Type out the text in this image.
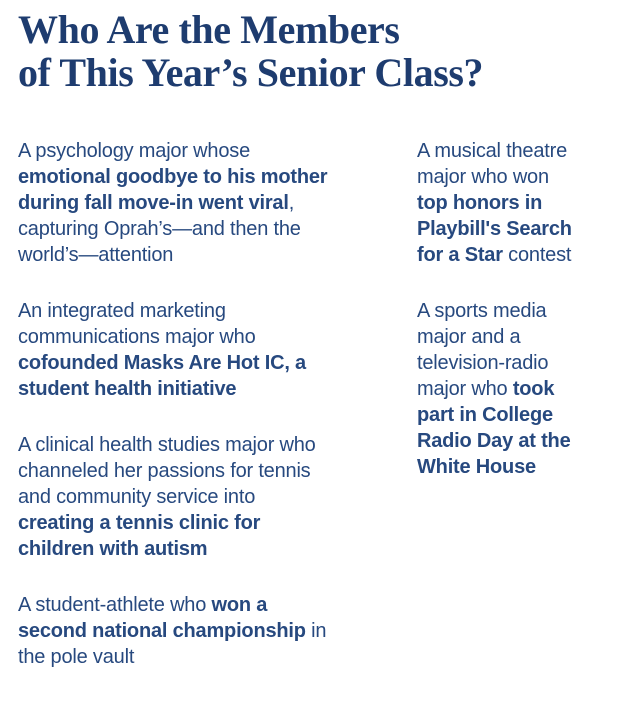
Who Are the Members
of This Year’s Senior Class?

A psychology major whose
emotional goodbye to his mother
during fall move-in went viral,
capturing Oprah’s—and then the
world’s—attention

An integrated marketing
communications major who
cofounded Masks Are Hot IC, a
student health initiative

A clinical health studies major who
channeled her passions for tennis
and community service into
creating a tennis clinic for
children with autism

A student-athlete who won a
second national championship in
the pole vault

A musical theatre
major who won
top honors in
Playbill's Search
for a Star contest

A sports media
major and a
television-radio
major who took
part in College
Radio Day at the
White House
